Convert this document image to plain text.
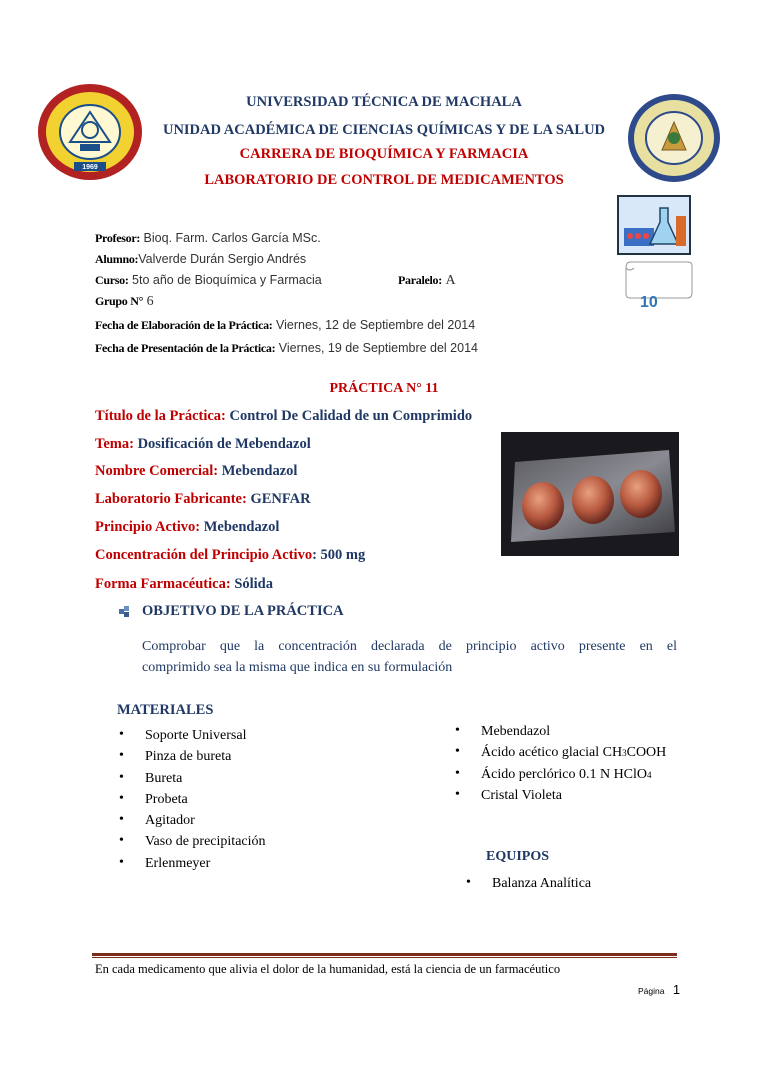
1969
UNIVERSIDAD TÉCNICA DE MACHALA
UNIDAD ACADÉMICA DE CIENCIAS QUÍMICAS Y DE LA SALUD
CARRERA DE BIOQUÍMICA Y FARMACIA
LABORATORIO DE CONTROL DE MEDICAMENTOS
10
Profesor: Bioq. Farm. Carlos García MSc.
Alumno:Valverde Durán Sergio Andrés
Curso: 5to año de Bioquímica y Farmacia	Paralelo: A
Grupo N° 6
Fecha de Elaboración de la Práctica: Viernes, 12 de Septiembre del 2014
Fecha de Presentación de la Práctica: Viernes, 19 de Septiembre del 2014
PRÁCTICA N° 11
Título de la Práctica: Control De Calidad de un Comprimido
Tema: Dosificación de Mebendazol
Nombre Comercial: Mebendazol
Laboratorio Fabricante: GENFAR
Principio Activo: Mebendazol
Concentración del Principio Activo: 500 mg
Forma Farmacéutica: Sólida
OBJETIVO DE LA PRÁCTICA
Comprobar que la concentración declarada de principio activo presente en el
comprimido sea la misma que indica en su formulación
MATERIALES
• Soporte Universal
• Pinza de bureta
• Bureta
• Probeta
• Agitador
• Vaso de precipitación
• Erlenmeyer
• Mebendazol
• Ácido acético glacial CH3COOH
• Ácido perclórico 0.1 N HClO4
• Cristal Violeta
EQUIPOS
• Balanza Analítica
En cada medicamento que alivia el dolor de la humanidad, está la ciencia de un farmacéutico
Página 1
